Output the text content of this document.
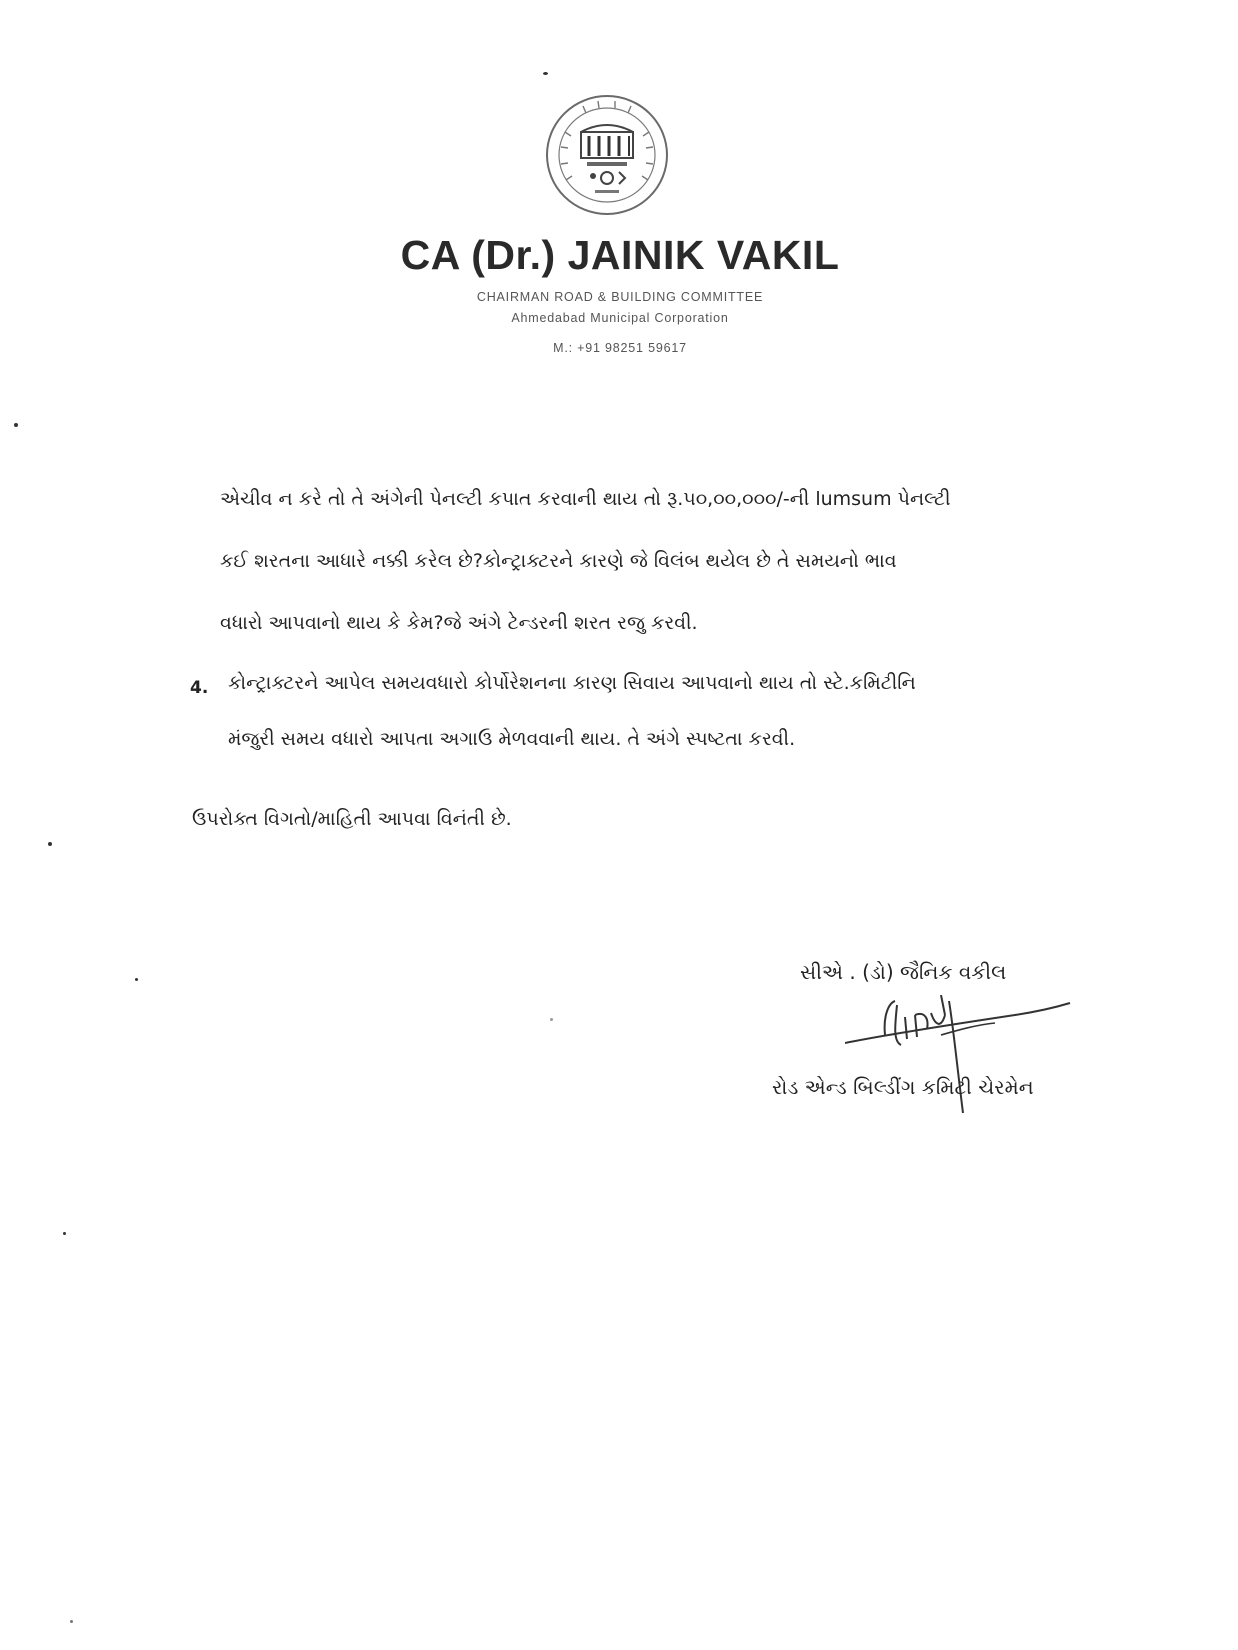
CA (Dr.) JAINIK VAKIL
CHAIRMAN ROAD & BUILDING COMMITTEE
Ahmedabad Municipal Corporation
M.: +91 98251 59617
એચીવ ન કરે તો તે અંગેની પેનલ્ટી કપાત કરવાની થાય તો રૂ.૫૦,૦૦,૦૦૦/-ની lumsum પેનલ્ટી
કઈ શરતના આધારે નક્કી કરેલ છે?કોન્ટ્રાક્ટરને કારણે જે વિલંબ થયેલ છે તે સમયનો ભાવ
વધારો આપવાનો થાય કે કેમ?જે અંગે ટેન્ડરની શરત રજુ કરવી.
4. કોન્ટ્રાક્ટરને આપેલ સમયવધારો કોર્પોરેશનના કારણ સિવાય આપવાનો થાય તો સ્ટે.કમિટીનિ
મંજુરી સમય વધારો આપતા અગાઉ મેળવવાની થાય. તે અંગે સ્પષ્ટતા કરવી.
ઉપરોક્ત વિગતો/માહિતી આપવા વિનંતી છે.
સીએ . (ડો) જૈનિક વકીલ
રોડ એન્ડ બિલ્ડીંગ કમિટી ચેરમેન
